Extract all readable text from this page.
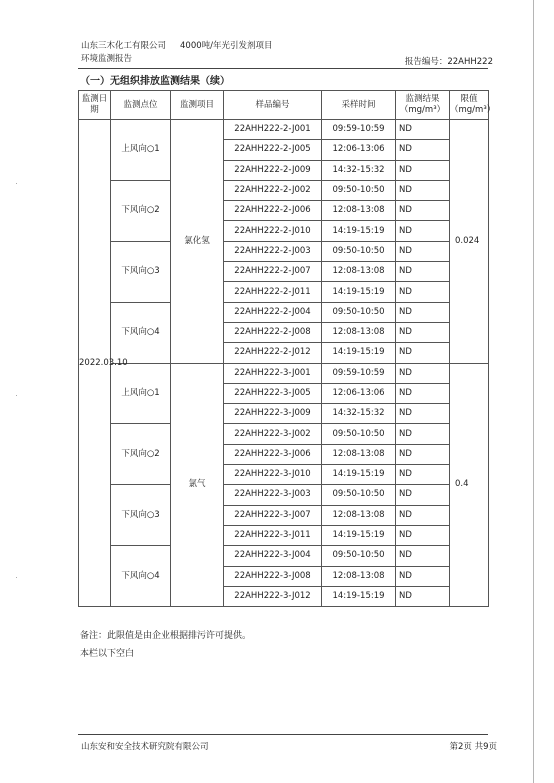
山东三木化工有限公司 4000吨/年光引发剂项目
环境监测报告	报告编号：22AHH222
（一）无组织排放监测结果（续）
监测日期	监测点位	监测项目	样品编号	采样时间	监测结果（mg/m³）	限值（mg/m³）
2022.03.10	上风向○1	氯化氢	22AHH222-2-J001	09:59-10:59	ND	0.024
			22AHH222-2-J005	12:06-13:06	ND	
			22AHH222-2-J009	14:32-15:32	ND	
	下风向○2		22AHH222-2-J002	09:50-10:50	ND	
			22AHH222-2-J006	12:08-13:08	ND	
			22AHH222-2-J010	14:19-15:19	ND	
	下风向○3		22AHH222-2-J003	09:50-10:50	ND	
			22AHH222-2-J007	12:08-13:08	ND	
			22AHH222-2-J011	14:19-15:19	ND	
	下风向○4		22AHH222-2-J004	09:50-10:50	ND	
			22AHH222-2-J008	12:08-13:08	ND	
			22AHH222-2-J012	14:19-15:19	ND	
	上风向○1	氯气	22AHH222-3-J001	09:59-10:59	ND	0.4
			22AHH222-3-J005	12:06-13:06	ND	
			22AHH222-3-J009	14:32-15:32	ND	
	下风向○2		22AHH222-3-J002	09:50-10:50	ND	
			22AHH222-3-J006	12:08-13:08	ND	
			22AHH222-3-J010	14:19-15:19	ND	
	下风向○3		22AHH222-3-J003	09:50-10:50	ND	
			22AHH222-3-J007	12:08-13:08	ND	
			22AHH222-3-J011	14:19-15:19	ND	
	下风向○4		22AHH222-3-J004	09:50-10:50	ND	
			22AHH222-3-J008	12:08-13:08	ND	
			22AHH222-3-J012	14:19-15:19	ND	
备注：此限值是由企业根据排污许可提供。
本栏以下空白
山东安和安全技术研究院有限公司	第2页 共9页
